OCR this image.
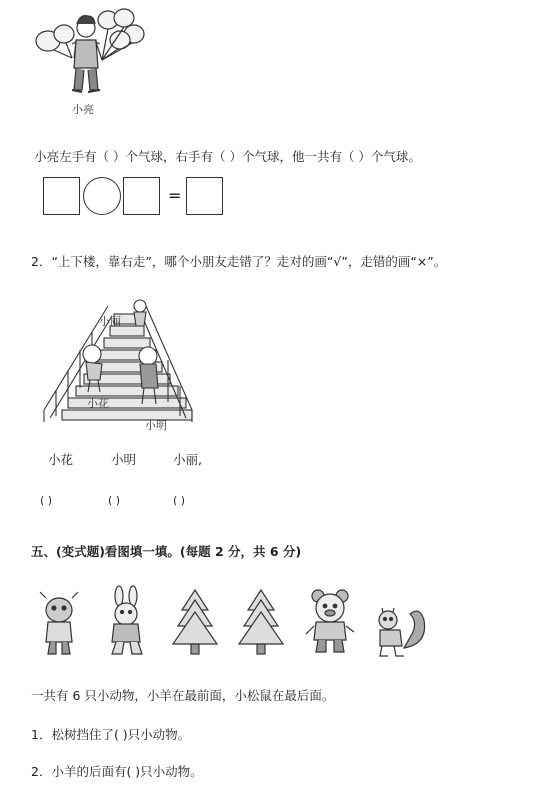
小亮
小亮左手有（ ）个气球，右手有（ ）个气球，他一共有（ ）个气球。
=
2．“上下楼，靠右走”，哪个小朋友走错了？走对的画“√”，走错的画“×”。
小丽
小花
小明
小花	小明	小丽,
( )	( )	( )
五、(变式题)看图填一填。(每题 2 分，共 6 分)
一共有 6 只小动物，小羊在最前面，小松鼠在最后面。
1．松树挡住了( )只小动物。
2．小羊的后面有( )只小动物。
